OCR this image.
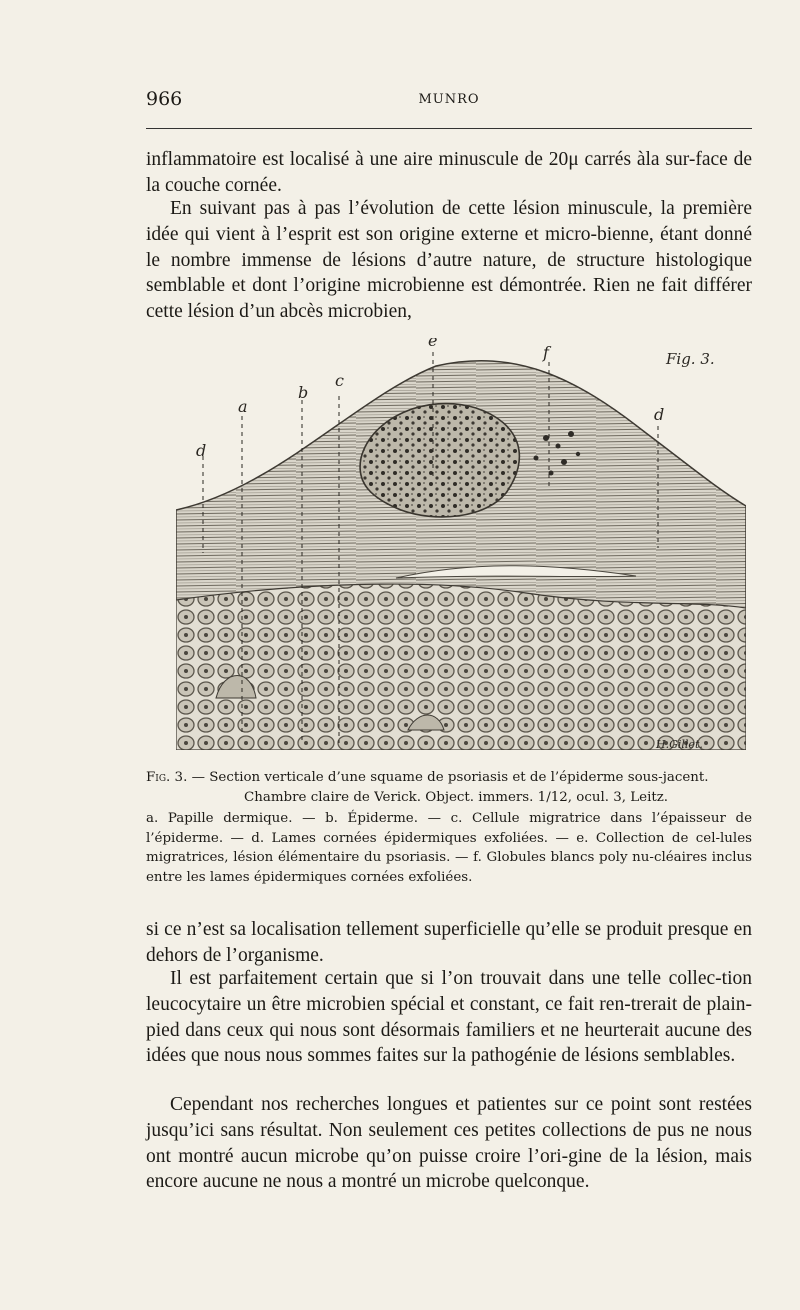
966	MUNRO

inflammatoire est localisé à une aire minuscule de 20μ carrés àla sur-face de la couche cornée.

En suivant pas à pas l’évolution de cette lésion minuscule, la première idée qui vient à l’esprit est son origine externe et micro-bienne, étant donné le nombre immense de lésions d’autre nature, de structure histologique semblable et dont l’origine microbienne est démontrée. Rien ne fait différer cette lésion d’un abcès microbien,

d
a
b
c
e
f
d
Fig. 3.
H.Gillet.

Fig. 3. — Section verticale d’une squame de psoriasis et de l’épiderme sous-jacent.
Chambre claire de Verick. Object. immers. 1/12, ocul. 3, Leitz.

a. Papille dermique. — b. Épiderme. — c. Cellule migratrice dans l’épaisseur de l’épiderme. — d. Lames cornées épidermiques exfoliées. — e. Collection de cel-lules migratrices, lésion élémentaire du psoriasis. — f. Globules blancs poly nu-cléaires inclus entre les lames épidermiques cornées exfoliées.

si ce n’est sa localisation tellement superficielle qu’elle se produit presque en dehors de l’organisme.

Il est parfaitement certain que si l’on trouvait dans une telle collec-tion leucocytaire un être microbien spécial et constant, ce fait ren-trerait de plain-pied dans ceux qui nous sont désormais familiers et ne heurterait aucune des idées que nous nous sommes faites sur la pathogénie de lésions semblables.

Cependant nos recherches longues et patientes sur ce point sont restées jusqu’ici sans résultat. Non seulement ces petites collections de pus ne nous ont montré aucun microbe qu’on puisse croire l’ori-gine de la lésion, mais encore aucune ne nous a montré un microbe quelconque.
